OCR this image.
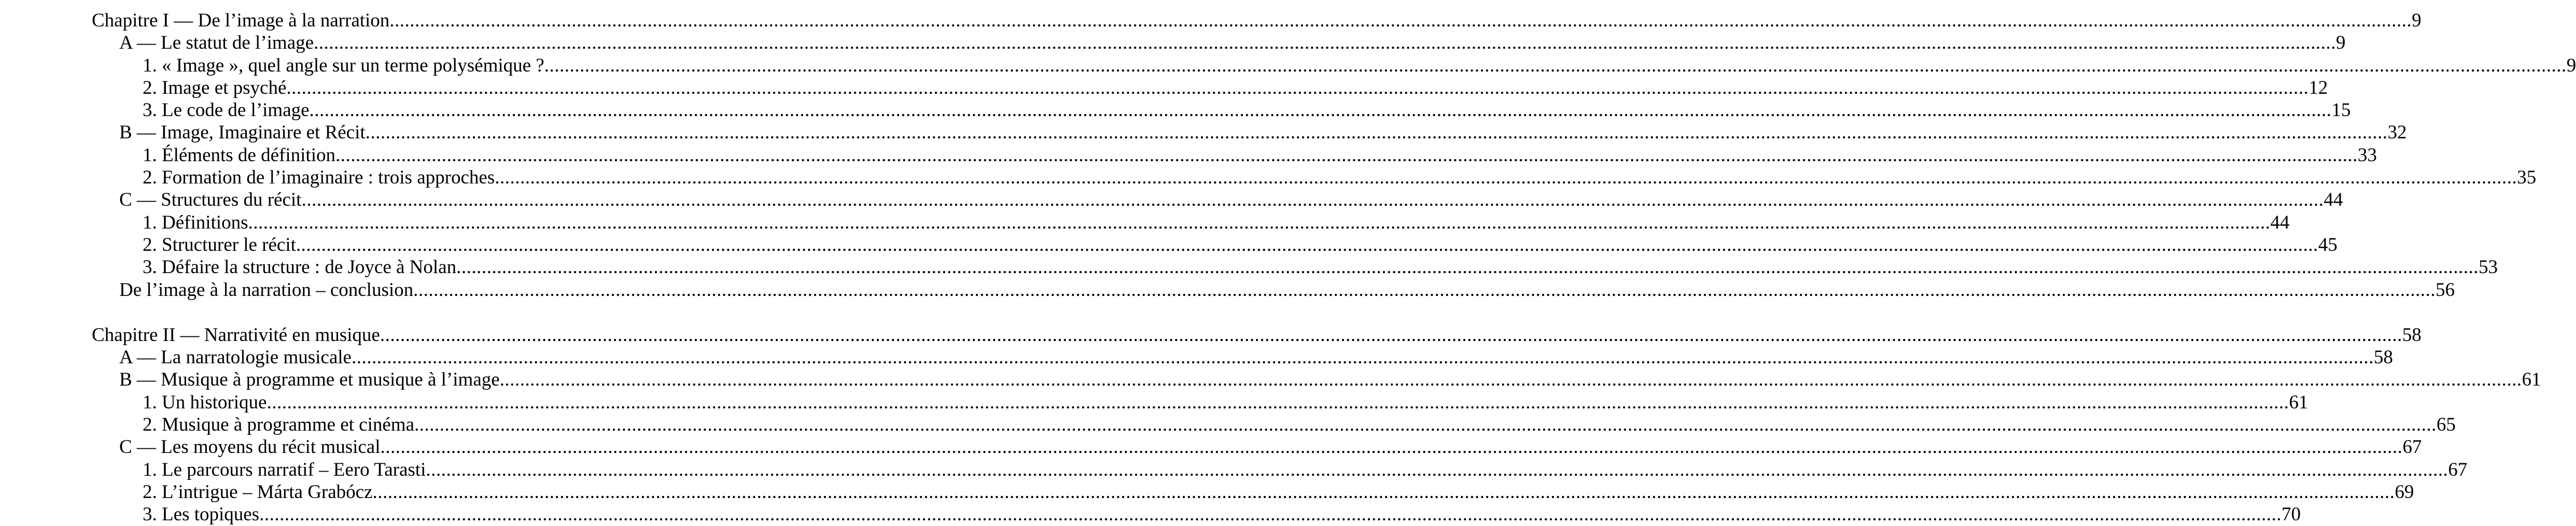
Chapitre I — De l’image à la narration ................................................................................................................................................................................................................................................................................................................................................................................................................ 9
A — Le statut de l’image ................................................................................................................................................................................................................................................................................................................................................................................................................ 9
1. « Image », quel angle sur un terme polysémique ? ................................................................................................................................................................................................................................................................................................................................................................................................................ 9
2. Image et psyché ................................................................................................................................................................................................................................................................................................................................................................................................................ 12
3. Le code de l’image ................................................................................................................................................................................................................................................................................................................................................................................................................ 15
B — Image, Imaginaire et Récit ................................................................................................................................................................................................................................................................................................................................................................................................................ 32
1. Éléments de définition ................................................................................................................................................................................................................................................................................................................................................................................................................ 33
2. Formation de l’imaginaire : trois approches ................................................................................................................................................................................................................................................................................................................................................................................................................ 35
C — Structures du récit ................................................................................................................................................................................................................................................................................................................................................................................................................ 44
1. Définitions ................................................................................................................................................................................................................................................................................................................................................................................................................ 44
2. Structurer le récit ................................................................................................................................................................................................................................................................................................................................................................................................................ 45
3. Défaire la structure : de Joyce à Nolan ................................................................................................................................................................................................................................................................................................................................................................................................................ 53
De l’image à la narration – conclusion ................................................................................................................................................................................................................................................................................................................................................................................................................ 56
Chapitre II — Narrativité en musique ................................................................................................................................................................................................................................................................................................................................................................................................................ 58
A — La narratologie musicale ................................................................................................................................................................................................................................................................................................................................................................................................................ 58
B — Musique à programme et musique à l’image ................................................................................................................................................................................................................................................................................................................................................................................................................ 61
1. Un historique ................................................................................................................................................................................................................................................................................................................................................................................................................ 61
2. Musique à programme et cinéma ................................................................................................................................................................................................................................................................................................................................................................................................................ 65
C — Les moyens du récit musical ................................................................................................................................................................................................................................................................................................................................................................................................................ 67
1. Le parcours narratif – Eero Tarasti ................................................................................................................................................................................................................................................................................................................................................................................................................ 67
2. L’intrigue – Márta Grabócz ................................................................................................................................................................................................................................................................................................................................................................................................................ 69
3. Les topiques ................................................................................................................................................................................................................................................................................................................................................................................................................ 70
